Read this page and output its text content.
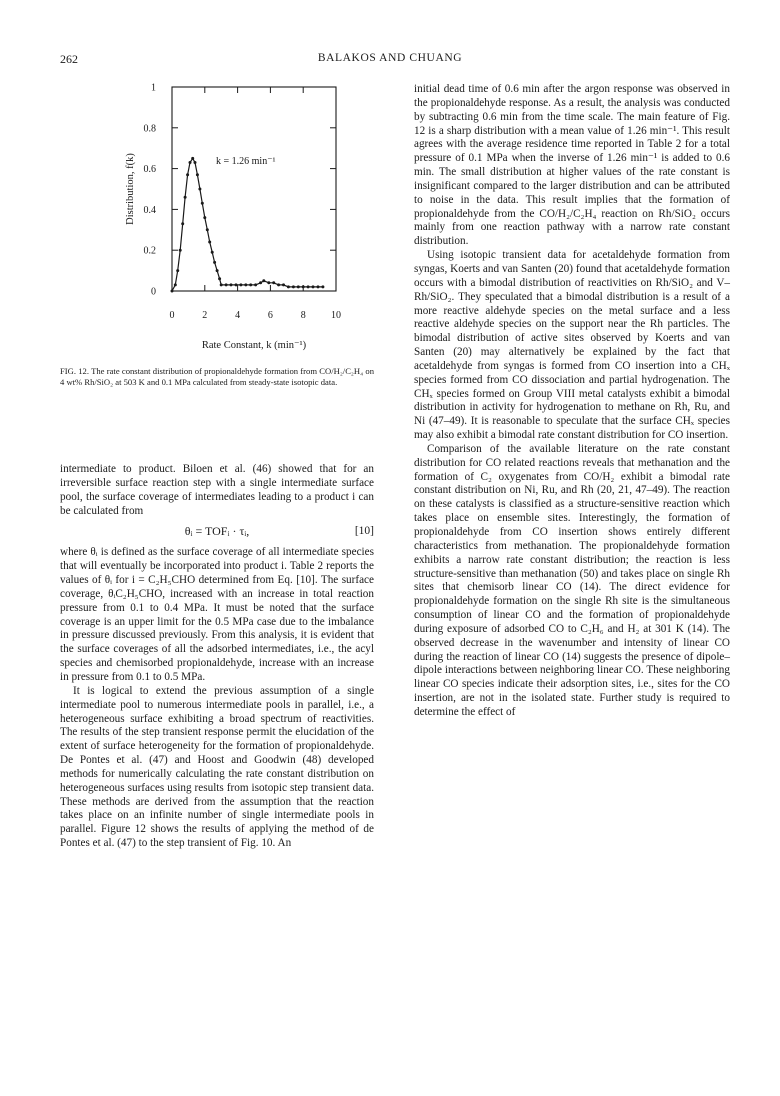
262	BALAKOS AND CHUANG
0
0.2
0.4
0.6
0.8
1
0	2	4	6	8	10
k = 1.26 min⁻¹
Distribution, f(k)
Rate Constant, k (min⁻¹)
FIG. 12. The rate constant distribution of propionaldehyde formation from CO/H₂/C₂H₄ on 4 wt% Rh/SiO₂ at 503 K and 0.1 MPa calculated from steady-state isotopic data.

intermediate to product. Biloen et al. (46) showed that for an irreversible surface reaction step with a single intermediate surface pool, the surface coverage of intermediates leading to a product i can be calculated from

θᵢ = TOFᵢ · τᵢ,	[10]

where θᵢ is defined as the surface coverage of all intermediate species that will eventually be incorporated into product i. Table 2 reports the values of θᵢ for i = C₂H₅CHO determined from Eq. [10]. The surface coverage, θᵢC₂H₅CHO, increased with an increase in total reaction pressure from 0.1 to 0.4 MPa. It must be noted that the surface coverage is an upper limit for the 0.5 MPa case due to the imbalance in pressure discussed previously. From this analysis, it is evident that the surface coverages of all the adsorbed intermediates, i.e., the acyl species and chemisorbed propionaldehyde, increase with an increase in pressure from 0.1 to 0.5 MPa.

It is logical to extend the previous assumption of a single intermediate pool to numerous intermediate pools in parallel, i.e., a heterogeneous surface exhibiting a broad spectrum of reactivities. The results of the step transient response permit the elucidation of the extent of surface heterogeneity for the formation of propionaldehyde. De Pontes et al. (47) and Hoost and Goodwin (48) developed methods for numerically calculating the rate constant distribution on heterogeneous surfaces using results from isotopic step transient data. These methods are derived from the assumption that the reaction takes place on an infinite number of single intermediate pools in parallel. Figure 12 shows the results of applying the method of de Pontes et al. (47) to the step transient of Fig. 10. An

initial dead time of 0.6 min after the argon response was observed in the propionaldehyde response. As a result, the analysis was conducted by subtracting 0.6 min from the time scale. The main feature of Fig. 12 is a sharp distribution with a mean value of 1.26 min⁻¹. This result agrees with the average residence time reported in Table 2 for a total pressure of 0.1 MPa when the inverse of 1.26 min⁻¹ is added to 0.6 min. The small distribution at higher values of the rate constant is insignificant compared to the larger distribution and can be attributed to noise in the data. This result implies that the formation of propionaldehyde from the CO/H₂/C₂H₄ reaction on Rh/SiO₂ occurs mainly from one reaction pathway with a narrow rate constant distribution.

Using isotopic transient data for acetaldehyde formation from syngas, Koerts and van Santen (20) found that acetaldehyde formation occurs with a bimodal distribution of reactivities on Rh/SiO₂ and V–Rh/SiO₂. They speculated that a bimodal distribution is a result of a more reactive aldehyde species on the metal surface and a less reactive aldehyde species on the support near the Rh particles. The bimodal distribution of active sites observed by Koerts and van Santen (20) may alternatively be explained by the fact that acetaldehyde from syngas is formed from CO insertion into a CHₓ species formed from CO dissociation and partial hydrogenation. The CHₓ species formed on Group VIII metal catalysts exhibit a bimodal distribution in activity for hydrogenation to methane on Rh, Ru, and Ni (47–49). It is reasonable to speculate that the surface CHₓ species may also exhibit a bimodal rate constant distribution for CO insertion.

Comparison of the available literature on the rate constant distribution for CO related reactions reveals that methanation and the formation of C₂ oxygenates from CO/H₂ exhibit a bimodal rate constant distribution on Ni, Ru, and Rh (20, 21, 47–49). The reaction on these catalysts is classified as a structure-sensitive reaction which takes place on ensemble sites. Interestingly, the formation of propionaldehyde from CO insertion shows entirely different characteristics from methanation. The propionaldehyde formation exhibits a narrow rate constant distribution; the reaction is less structure-sensitive than methanation (50) and takes place on single Rh sites that chemisorb linear CO (14). The direct evidence for propionaldehyde formation on the single Rh site is the simultaneous consumption of linear CO and the formation of propionaldehyde during exposure of adsorbed CO to C₂H₆ and H₂ at 301 K (14). The observed decrease in the wavenumber and intensity of linear CO during the reaction of linear CO (14) suggests the presence of dipole–dipole interactions between neighboring linear CO. These neighboring linear CO species indicate their adsorption sites, i.e., sites for the CO insertion, are not in the isolated state. Further study is required to determine the effect of
